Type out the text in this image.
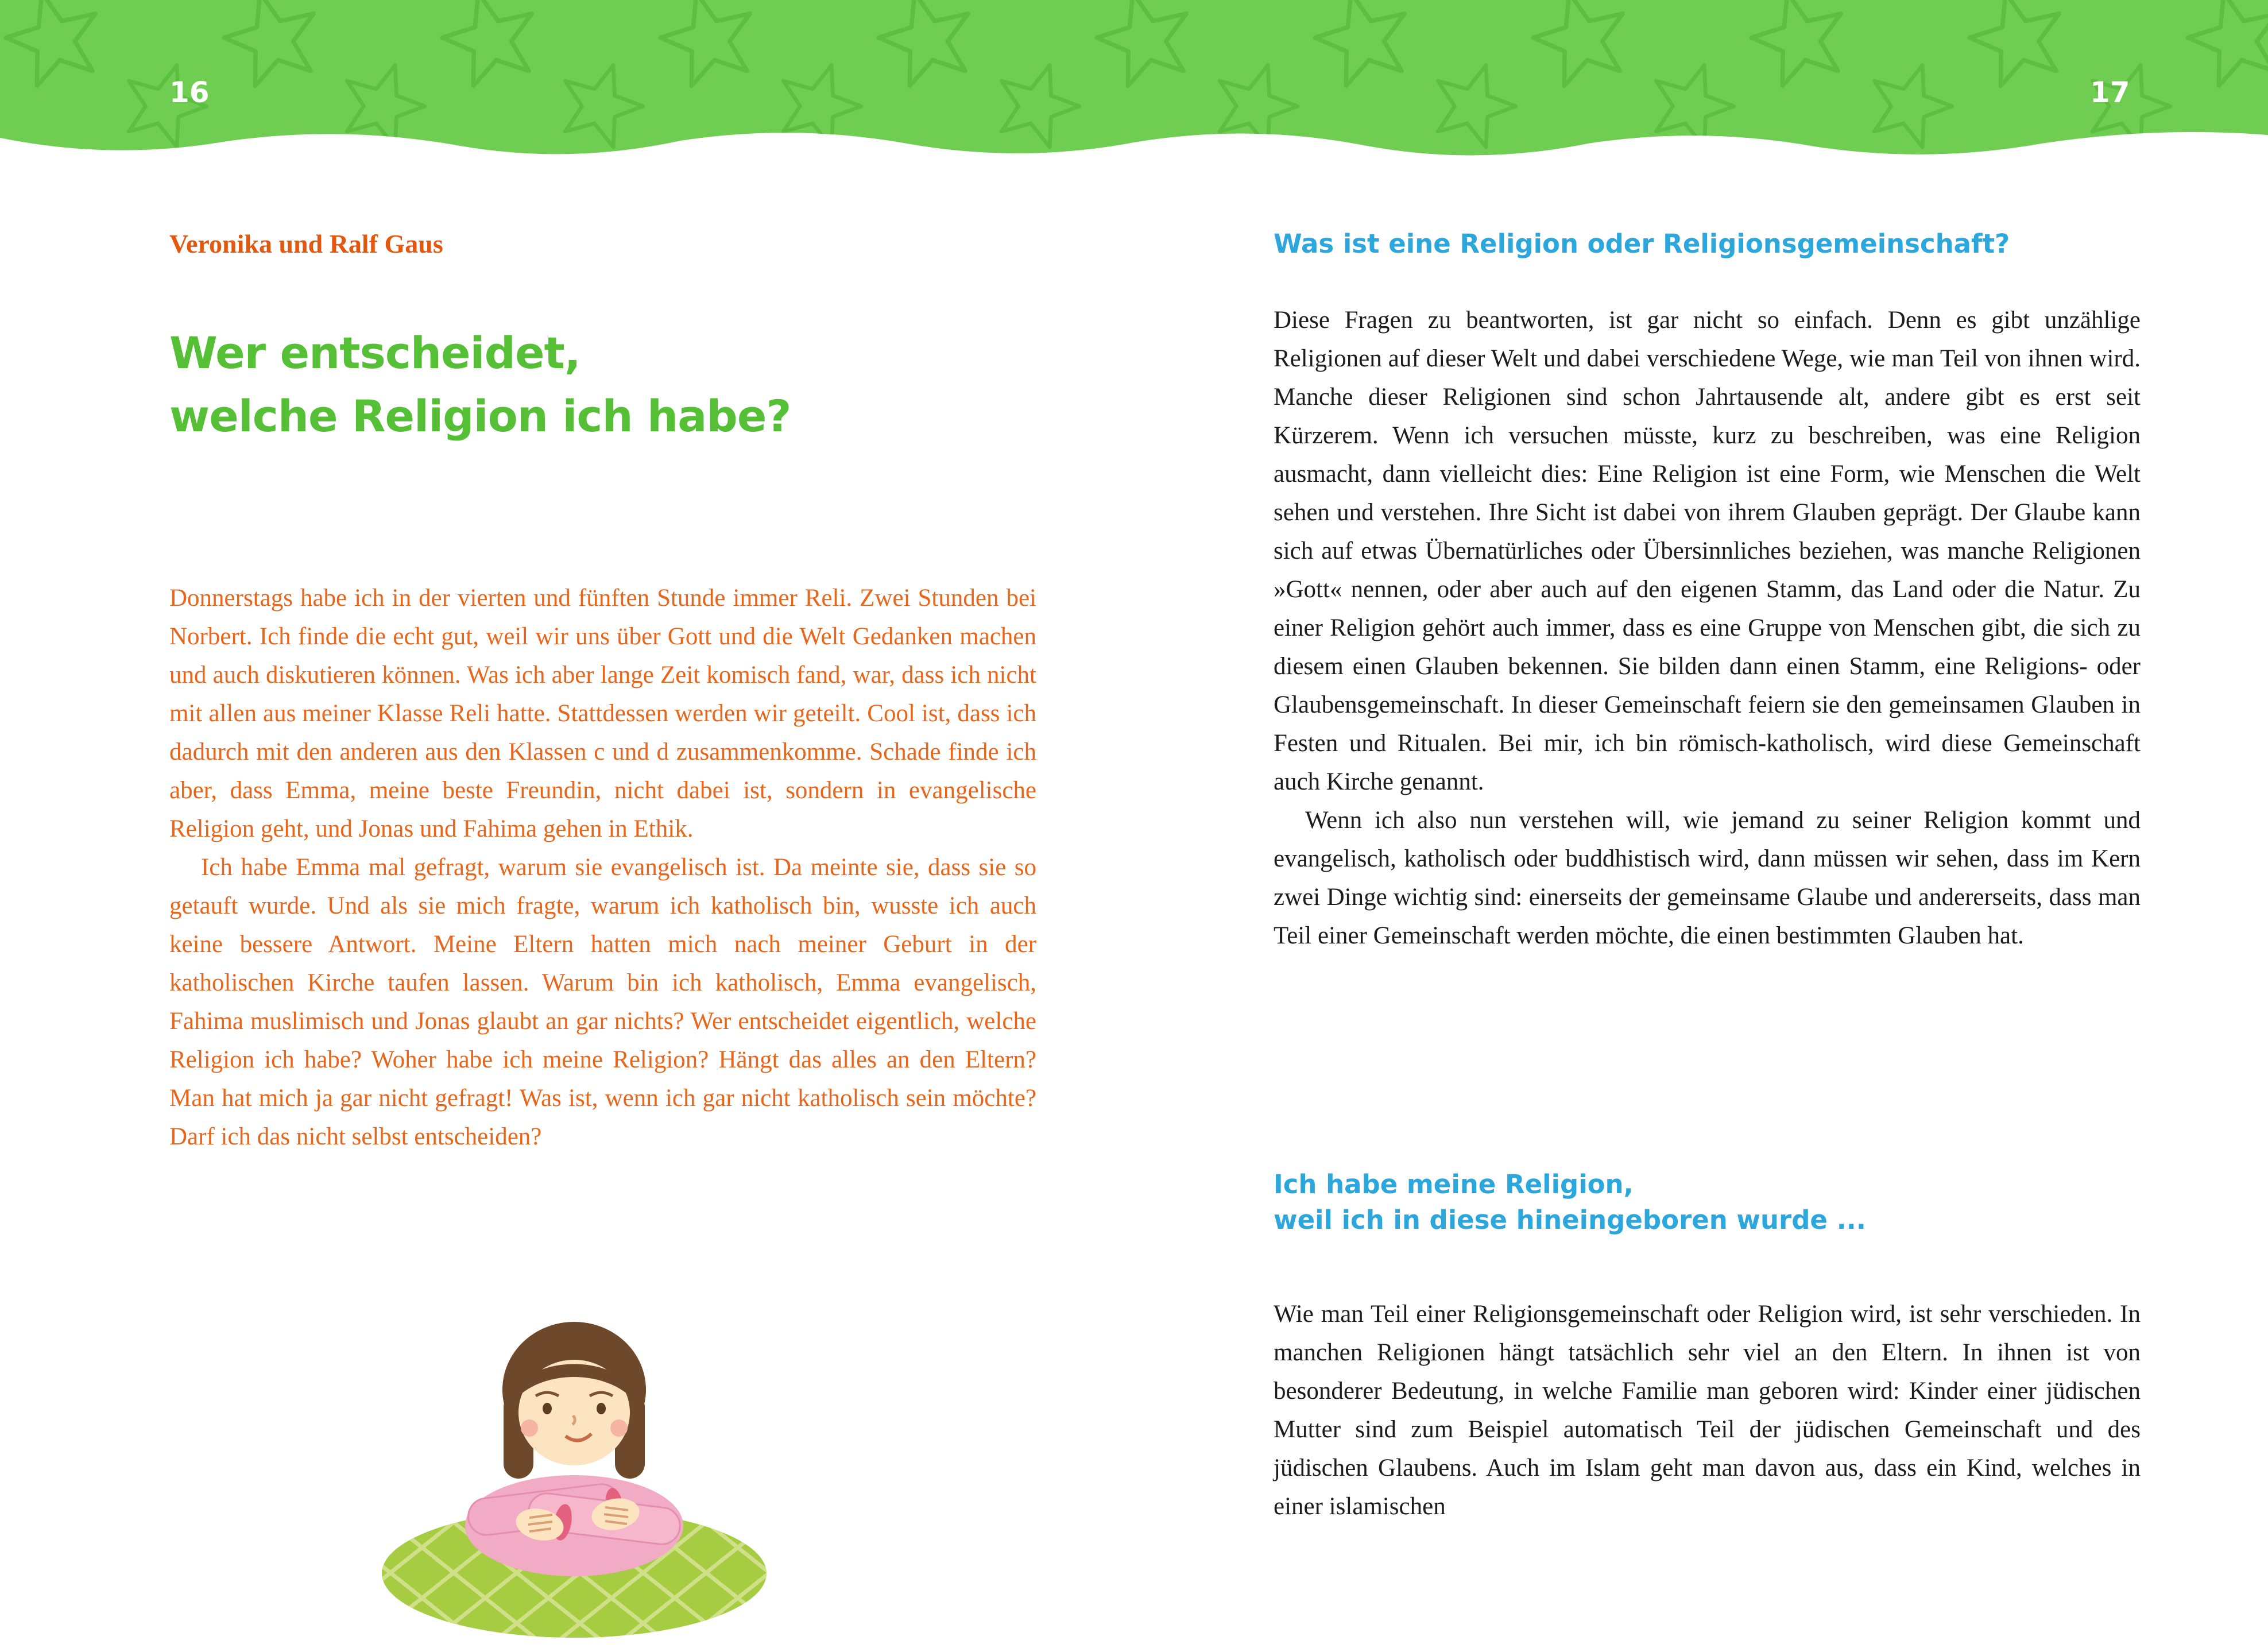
16	17
Veronika und Ralf Gaus
Wer entscheidet,
welche Religion ich habe?

Donnerstags habe ich in der vierten und fünften Stunde immer Reli. Zwei Stunden bei Norbert. Ich finde die echt gut, weil wir uns über Gott und die Welt Gedanken machen und auch diskutieren können. Was ich aber lange Zeit komisch fand, war, dass ich nicht mit allen aus meiner Klasse Reli hatte. Stattdessen werden wir geteilt. Cool ist, dass ich dadurch mit den anderen aus den Klassen c und d zusammenkomme. Schade finde ich aber, dass Emma, meine beste Freundin, nicht dabei ist, sondern in evangelische Religion geht, und Jonas und Fahima gehen in Ethik.

Ich habe Emma mal gefragt, warum sie evangelisch ist. Da meinte sie, dass sie so getauft wurde. Und als sie mich fragte, warum ich katholisch bin, wusste ich auch keine bessere Antwort. Meine Eltern hatten mich nach meiner Geburt in der katholischen Kirche taufen lassen. Warum bin ich katholisch, Emma evangelisch, Fahima muslimisch und Jonas glaubt an gar nichts? Wer entscheidet eigentlich, welche Religion ich habe? Woher habe ich meine Religion? Hängt das alles an den Eltern? Man hat mich ja gar nicht gefragt! Was ist, wenn ich gar nicht katholisch sein möchte? Darf ich das nicht selbst entscheiden?

Was ist eine Religion oder Religionsgemeinschaft?

Diese Fragen zu beantworten, ist gar nicht so einfach. Denn es gibt unzählige Religionen auf dieser Welt und dabei verschiedene Wege, wie man Teil von ihnen wird. Manche dieser Religionen sind schon Jahrtausende alt, andere gibt es erst seit Kürzerem. Wenn ich versuchen müsste, kurz zu beschreiben, was eine Religion ausmacht, dann vielleicht dies: Eine Religion ist eine Form, wie Menschen die Welt sehen und verstehen. Ihre Sicht ist dabei von ihrem Glauben geprägt. Der Glaube kann sich auf etwas Übernatürliches oder Übersinnliches beziehen, was manche Religionen »Gott« nennen, oder aber auch auf den eigenen Stamm, das Land oder die Natur. Zu einer Religion gehört auch immer, dass es eine Gruppe von Menschen gibt, die sich zu diesem einen Glauben bekennen. Sie bilden dann einen Stamm, eine Religions- oder Glaubensgemeinschaft. In dieser Gemeinschaft feiern sie den gemeinsamen Glauben in Festen und Ritualen. Bei mir, ich bin römisch-katholisch, wird diese Gemeinschaft auch Kirche genannt.

Wenn ich also nun verstehen will, wie jemand zu seiner Religion kommt und evangelisch, katholisch oder buddhistisch wird, dann müssen wir sehen, dass im Kern zwei Dinge wichtig sind: einerseits der gemeinsame Glaube und andererseits, dass man Teil einer Gemeinschaft werden möchte, die einen bestimmten Glauben hat.

Ich habe meine Religion,
weil ich in diese hineingeboren wurde ...

Wie man Teil einer Religionsgemeinschaft oder Religion wird, ist sehr verschieden. In manchen Religionen hängt tatsächlich sehr viel an den Eltern. In ihnen ist von besonderer Bedeutung, in welche Familie man geboren wird: Kinder einer jüdischen Mutter sind zum Beispiel automatisch Teil der jüdischen Gemeinschaft und des jüdischen Glaubens. Auch im Islam geht man davon aus, dass ein Kind, welches in einer islamischen
